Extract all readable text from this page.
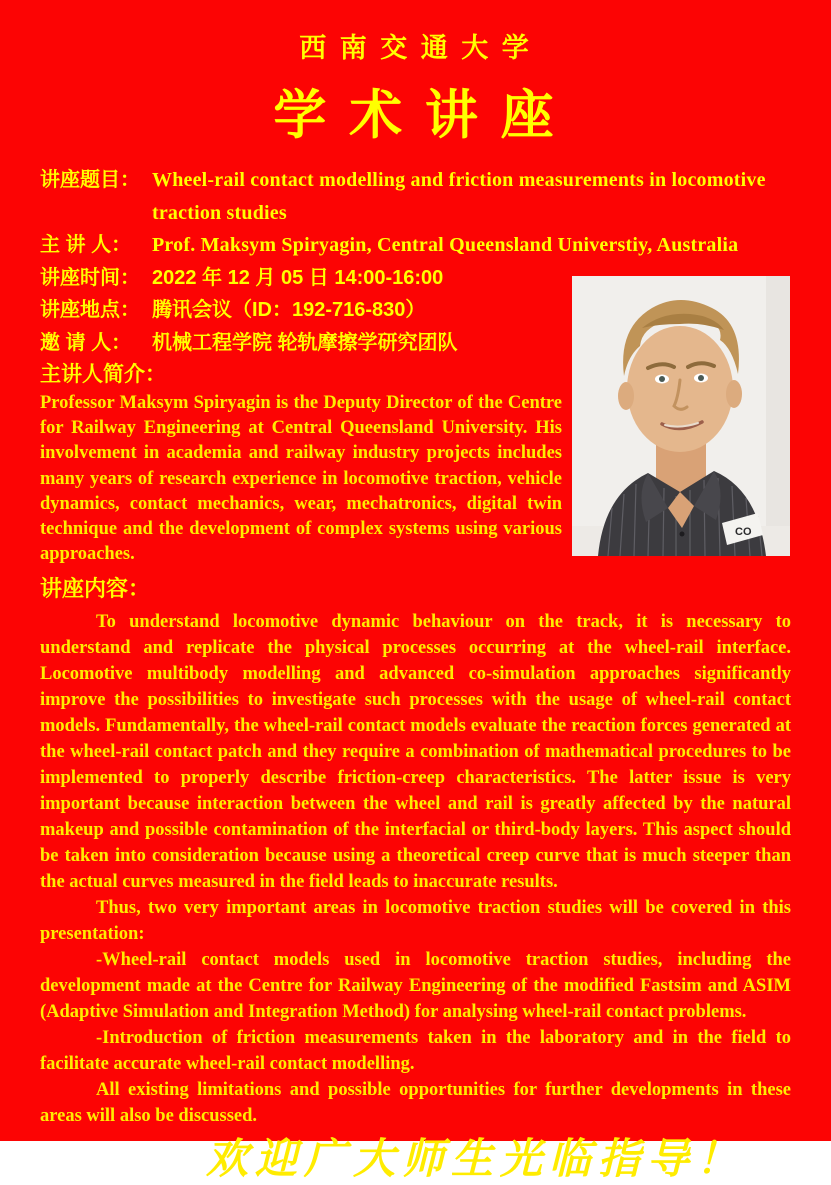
西 南 交 通 大 学
学 术 讲 座
讲座题目： Wheel-rail contact modelling and friction measurements in locomotive traction studies
主 讲 人： Prof. Maksym Spiryagin, Central Queensland Universtiy, Australia
讲座时间： 2022 年 12 月 05 日 14:00-16:00
讲座地点： 腾讯会议（ID：192-716-830）
邀 请 人： 机械工程学院 轮轨摩擦学研究团队
主讲人简介：
Professor Maksym Spiryagin is the Deputy Director of the Centre for Railway Engineering at Central Queensland University. His involvement in academia and railway industry projects includes many years of research experience in locomotive traction, vehicle dynamics, contact mechanics, wear, mechatronics, digital twin technique and the development of complex systems using various approaches.
CO
讲座内容：

To understand locomotive dynamic behaviour on the track, it is necessary to understand and replicate the physical processes occurring at the wheel-rail interface. Locomotive multibody modelling and advanced co-simulation approaches significantly improve the possibilities to investigate such processes with the usage of wheel-rail contact models. Fundamentally, the wheel-rail contact models evaluate the reaction forces generated at the wheel-rail contact patch and they require a combination of mathematical procedures to be implemented to properly describe friction-creep characteristics. The latter issue is very important because interaction between the wheel and rail is greatly affected by the natural makeup and possible contamination of the interfacial or third-body layers. This aspect should be taken into consideration because using a theoretical creep curve that is much steeper than the actual curves measured in the field leads to inaccurate results.

Thus, two very important areas in locomotive traction studies will be covered in this presentation:

-Wheel-rail contact models used in locomotive traction studies, including the development made at the Centre for Railway Engineering of the modified Fastsim and ASIM (Adaptive Simulation and Integration Method) for analysing wheel-rail contact problems.

-Introduction of friction measurements taken in the laboratory and in the field to facilitate accurate wheel-rail contact modelling.

All existing limitations and possible opportunities for further developments in these areas will also be discussed.

欢迎广大师生光临指导！
